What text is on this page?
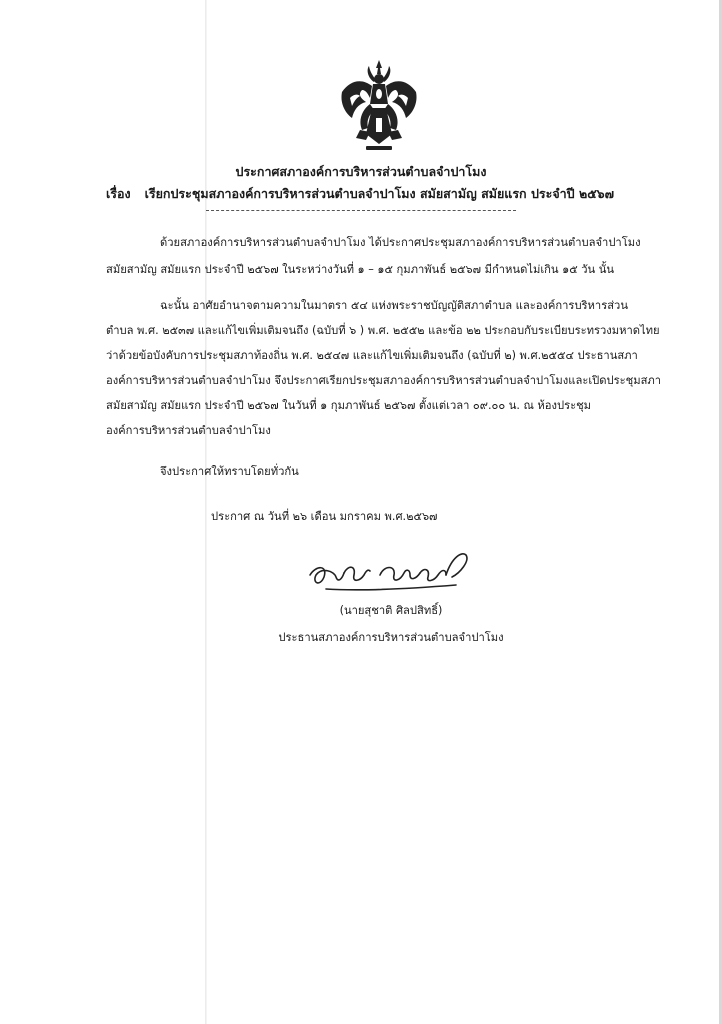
ประกาศสภาองค์การบริหารส่วนตำบลจำปาโมง
เรื่อง เรียกประชุมสภาองค์การบริหารส่วนตำบลจำปาโมง สมัยสามัญ สมัยแรก ประจำปี ๒๕๖๗
ด้วยสภาองค์การบริหารส่วนตำบลจำปาโมง ได้ประกาศประชุมสภาองค์การบริหารส่วนตำบลจำปาโมง
สมัยสามัญ สมัยแรก ประจำปี ๒๕๖๗ ในระหว่างวันที่ ๑ – ๑๕ กุมภาพันธ์ ๒๕๖๗ มีกำหนดไม่เกิน ๑๕ วัน นั้น
ฉะนั้น อาศัยอำนาจตามความในมาตรา ๕๔ แห่งพระราชบัญญัติสภาตำบล และองค์การบริหารส่วน
ตำบล พ.ศ. ๒๕๓๗ และแก้ไขเพิ่มเติมจนถึง (ฉบับที่ ๖ ) พ.ศ. ๒๕๕๒ และข้อ ๒๒ ประกอบกับระเบียบระทรวงมหาดไทย
ว่าด้วยข้อบังคับการประชุมสภาท้องถิ่น พ.ศ. ๒๕๔๗ และแก้ไขเพิ่มเติมจนถึง (ฉบับที่ ๒) พ.ศ.๒๕๕๔ ประธานสภา
องค์การบริหารส่วนตำบลจำปาโมง จึงประกาศเรียกประชุมสภาองค์การบริหารส่วนตำบลจำปาโมงและเปิดประชุมสภา
สมัยสามัญ สมัยแรก ประจำปี ๒๕๖๗ ในวันที่ ๑ กุมภาพันธ์ ๒๕๖๗ ตั้งแต่เวลา ๐๙.๐๐ น. ณ ห้องประชุม
องค์การบริหารส่วนตำบลจำปาโมง
จึงประกาศให้ทราบโดยทั่วกัน
ประกาศ ณ วันที่ ๒๖ เดือน มกราคม พ.ศ.๒๕๖๗
(นายสุชาติ ศิลปสิทธิ์)
ประธานสภาองค์การบริหารส่วนตำบลจำปาโมง
